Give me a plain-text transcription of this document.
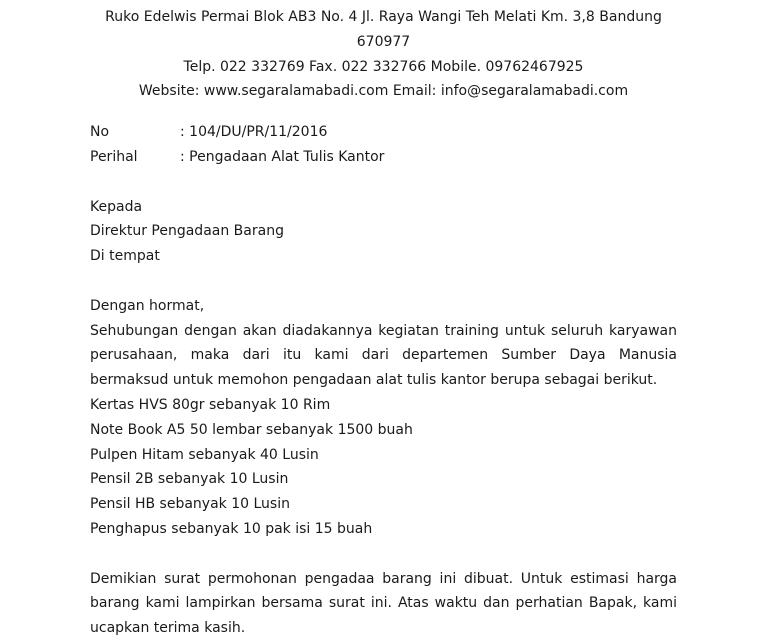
Ruko Edelwis Permai Blok AB3 No. 4 Jl. Raya Wangi Teh Melati Km. 3,8 Bandung
670977
Telp. 022 332769 Fax. 022 332766 Mobile. 09762467925
Website: www.segaralamabadi.com Email: info@segaralamabadi.com
No	: 104/DU/PR/11/2016
Perihal	: Pengadaan Alat Tulis Kantor
Kepada
Direktur Pengadaan Barang
Di tempat
Dengan hormat,
Sehubungan dengan akan diadakannya kegiatan training untuk seluruh karyawan perusahaan, maka dari itu kami dari departemen Sumber Daya Manusia bermaksud untuk memohon pengadaan alat tulis kantor berupa sebagai berikut.
Kertas HVS 80gr sebanyak 10 Rim
Note Book A5 50 lembar sebanyak 1500 buah
Pulpen Hitam sebanyak 40 Lusin
Pensil 2B sebanyak 10 Lusin
Pensil HB sebanyak 10 Lusin
Penghapus sebanyak 10 pak isi 15 buah
Demikian surat permohonan pengadaa barang ini dibuat. Untuk estimasi harga barang kami lampirkan bersama surat ini. Atas waktu dan perhatian Bapak, kami ucapkan terima kasih.
